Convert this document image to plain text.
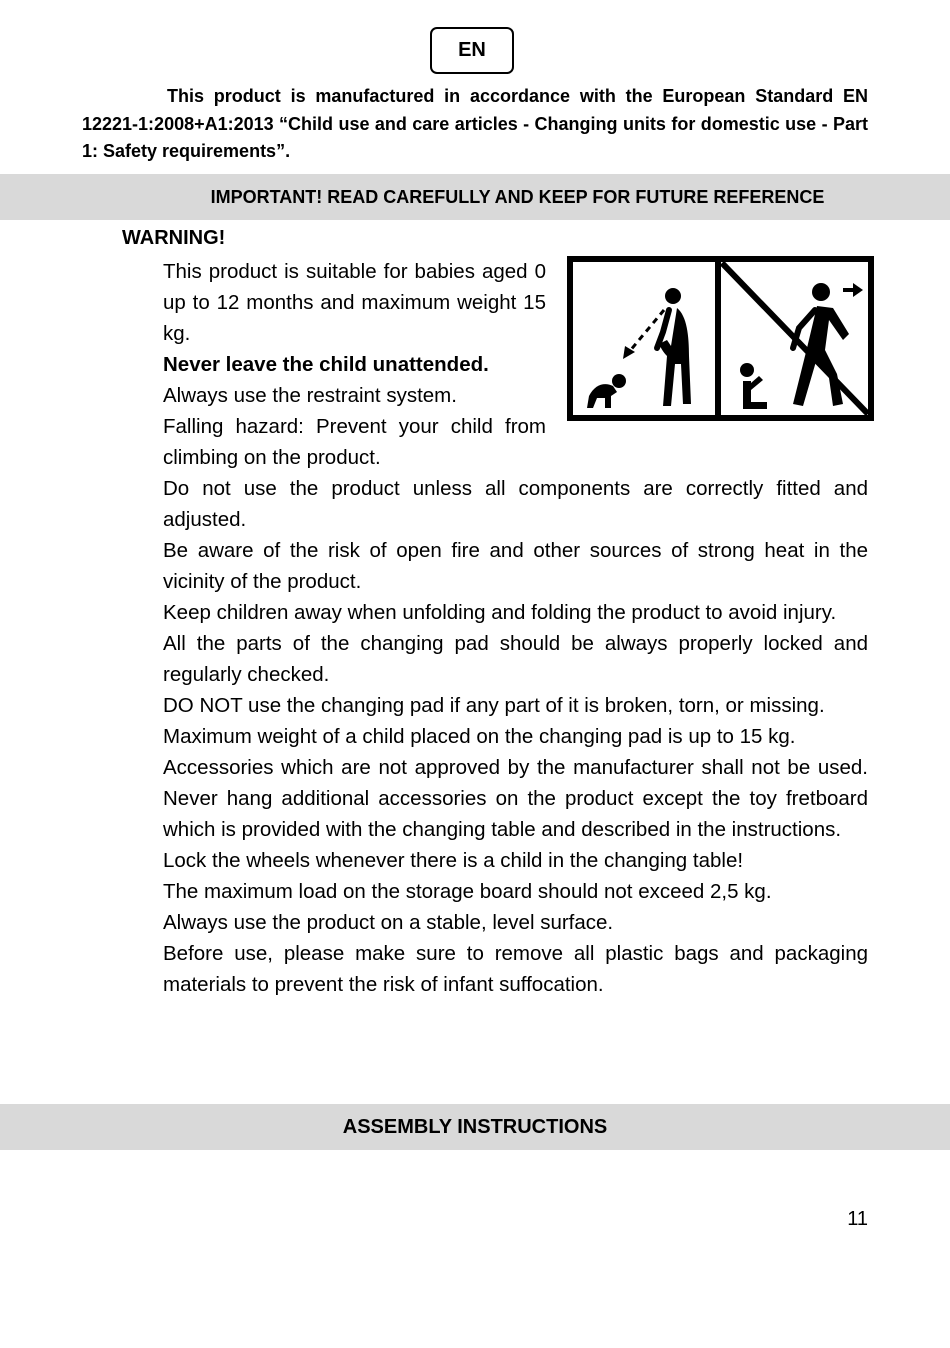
EN
This product is manufactured in accordance with the European Standard EN 12221-1:2008+A1:2013 “Child use and care articles - Changing units for domestic use - Part 1: Safety requirements”.
IMPORTANT! READ CAREFULLY AND KEEP FOR FUTURE REFERENCE
WARNING!

This product is suitable for babies aged 0 up to 12 months and maximum weight 15 kg.

Never leave the child unattended.

Always use the restraint system.

Falling hazard: Prevent your child from climbing on the product.

Do not use the product unless all components are correctly fitted and adjusted.

Be aware of the risk of open fire and other sources of strong heat in the vicinity of the product.

Keep children away when unfolding and folding the product to avoid injury.

All the parts of the changing pad should be always properly locked and regularly checked.

DO NOT use the changing pad if any part of it is broken, torn, or missing.

Maximum weight of a child placed on the changing pad is up to 15 kg.

Accessories which are not approved by the manufacturer shall not be used. Never hang additional accessories on the product except the toy fretboard which is provided with the changing table and described in the instructions.

Lock the wheels whenever there is a child in the changing table!

The maximum load on the storage board should not exceed 2,5 kg.

Always use the product on a stable, level surface.

Before use, please make sure to remove all plastic bags and packaging materials to prevent the risk of infant suffocation.

ASSEMBLY INSTRUCTIONS
11
